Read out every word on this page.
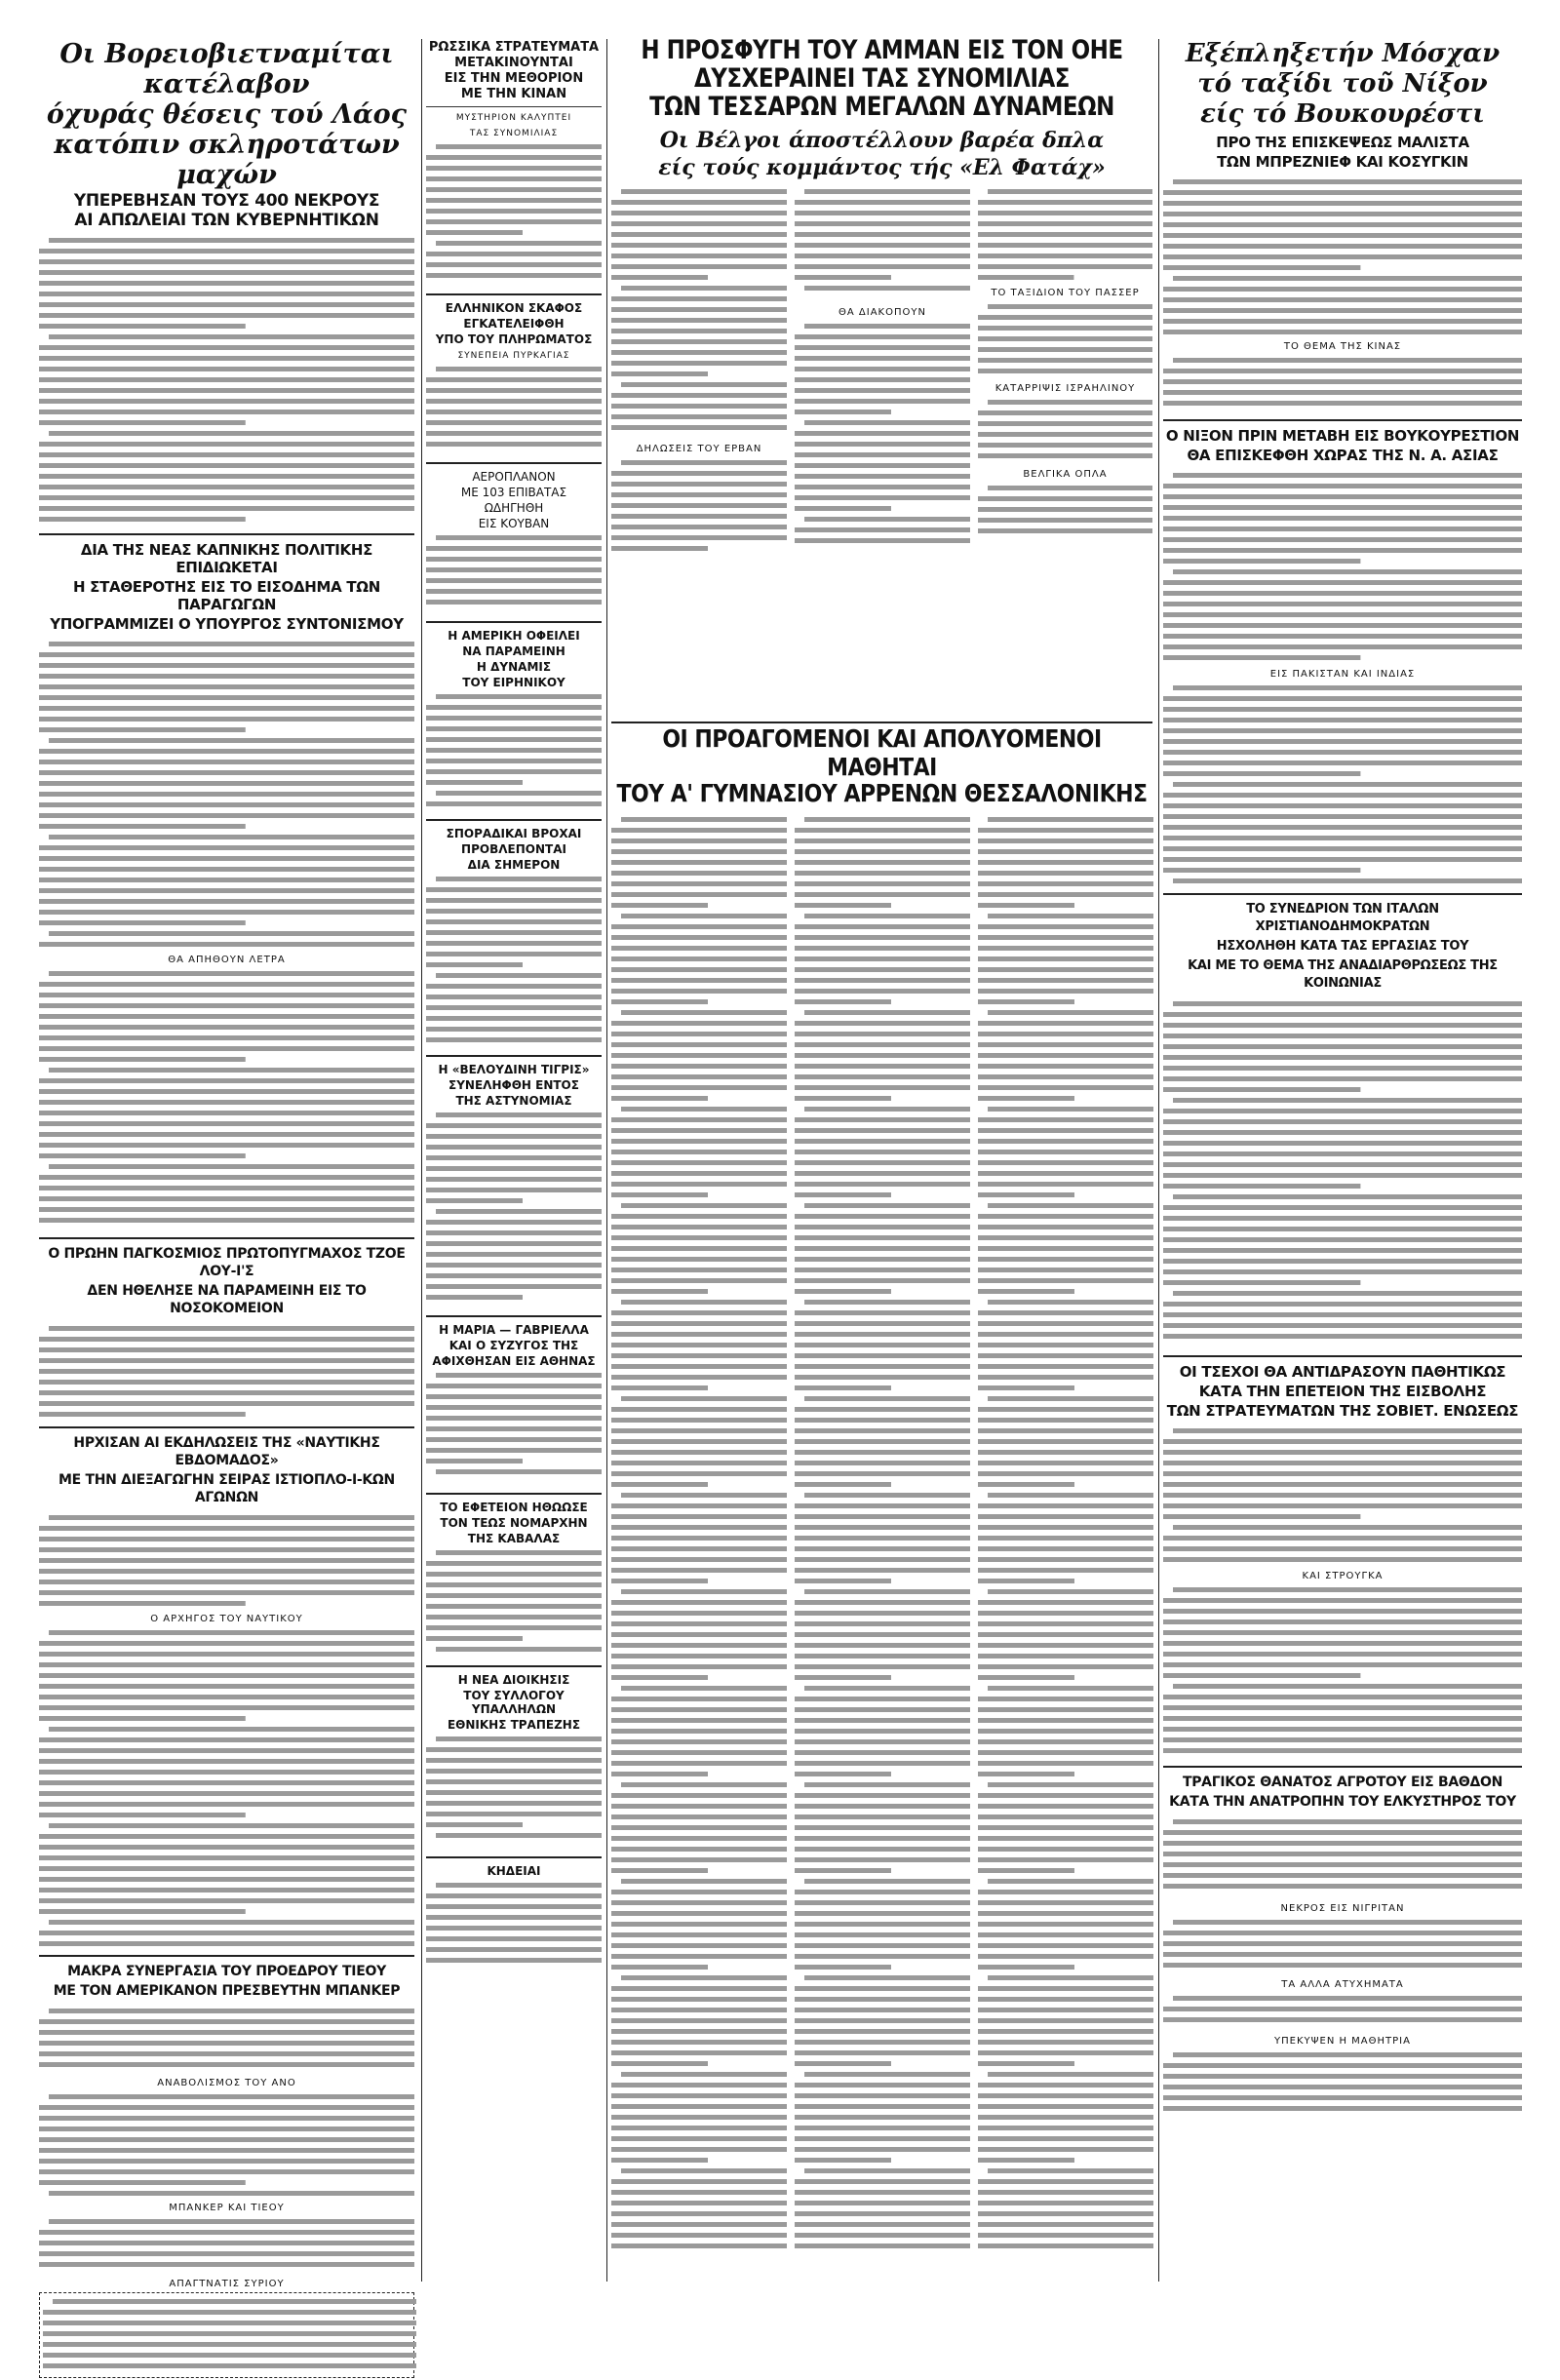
Οι Βορειοβιετναμίται κατέλαβον
όχυράς θέσεις τού Λάος
κατόπιν σκληροτάτων μαχών
ΥΠΕΡΕΒΗΣΑΝ ΤΟΥΣ 400 ΝΕΚΡΟΥΣ
ΑΙ ΑΠΩΛΕΙΑΙ ΤΩΝ ΚΥΒΕΡΝΗΤΙΚΩΝ
ΔΙΑ ΤΗΣ ΝΕΑΣ ΚΑΠΝΙΚΗΣ ΠΟΛΙΤΙΚΗΣ ΕΠΙΔΙΩΚΕΤΑΙ
Η ΣΤΑΘΕΡΟΤΗΣ ΕΙΣ ΤΟ ΕΙΣΟΔΗΜΑ ΤΩΝ ΠΑΡΑΓΩΓΩΝ
ΥΠΟΓΡΑΜΜΙΖΕΙ Ο ΥΠΟΥΡΓΟΣ ΣΥΝΤΟΝΙΣΜΟΥ
ΘΑ ΑΠΗΘΟΥΝ ΛΕΤΡΑ
Ο ΠΡΩΗΝ ΠΑΓΚΟΣΜΙΟΣ ΠΡΩΤΟΠΥΓΜΑΧΟΣ ΤΖΟΕ ΛΟΥ-Ι'Σ
ΔΕΝ ΗΘΕΛΗΣΕ ΝΑ ΠΑΡΑΜΕΙΝΗ ΕΙΣ ΤΟ ΝΟΣΟΚΟΜΕΙΟΝ
ΗΡΧΙΣΑΝ ΑΙ ΕΚΔΗΛΩΣΕΙΣ ΤΗΣ «ΝΑΥΤΙΚΗΣ ΕΒΔΟΜΑΔΟΣ»
ΜΕ ΤΗΝ ΔΙΕΞΑΓΩΓΗΝ ΣΕΙΡΑΣ ΙΣΤΙΟΠΛΟ-Ι-ΚΩΝ ΑΓΩΝΩΝ
Ο ΑΡΧΗΓΟΣ ΤΟΥ ΝΑΥΤΙΚΟΥ
ΜΑΚΡΑ ΣΥΝΕΡΓΑΣΙΑ ΤΟΥ ΠΡΟΕΔΡΟΥ ΤΙΕΟΥ
ΜΕ ΤΟΝ ΑΜΕΡΙΚΑΝΟΝ ΠΡΕΣΒΕΥΤΗΝ ΜΠΑΝΚΕΡ
ΑΝΑΒΟΛΙΣΜΟΣ ΤΟΥ ΑΝΟ
ΜΠΑΝΚΕΡ ΚΑΙ ΤΙΕΟΥ
ΑΠΑΓΤΝΑΤΙΣ ΣΥΡΙΟΥ
ΡΩΣΣΙΚΑ ΣΤΡΑΤΕΥΜΑΤΑ
ΜΕΤΑΚΙΝΟΥΝΤΑΙ
ΕΙΣ ΤΗΝ ΜΕΘΟΡΙΟΝ
ΜΕ ΤΗΝ ΚΙΝΑΝ
ΜΥΣΤΗΡΙΟΝ ΚΑΛΥΠΤΕΙ
ΤΑΣ ΣΥΝΟΜΙΛΙΑΣ
ΕΛΛΗΝΙΚΟΝ ΣΚΑΦΟΣ
ΕΓΚΑΤΕΛΕΙΦΘΗ
ΥΠΟ ΤΟΥ ΠΛΗΡΩΜΑΤΟΣ
ΣΥΝΕΠΕΙΑ ΠΥΡΚΑΓΙΑΣ
ΑΕΡΟΠΛΑΝΟΝ
ΜΕ 103 ΕΠΙΒΑΤΑΣ
ΩΔΗΓΗΘΗ
ΕΙΣ ΚΟΥΒΑΝ
Η ΑΜΕΡΙΚΗ ΟΦΕΙΛΕΙ
ΝΑ ΠΑΡΑΜΕΙΝΗ
Η ΔΥΝΑΜΙΣ
ΤΟΥ ΕΙΡΗΝΙΚΟΥ
ΣΠΟΡΑΔΙΚΑΙ ΒΡΟΧΑΙ
ΠΡΟΒΛΕΠΟΝΤΑΙ
ΔΙΑ ΣΗΜΕΡΟΝ
Η «ΒΕΛΟΥΔΙΝΗ ΤΙΓΡΙΣ»
ΣΥΝΕΛΗΦΘΗ ΕΝΤΟΣ
ΤΗΣ ΑΣΤΥΝΟΜΙΑΣ
Η ΜΑΡΙΑ — ΓΑΒΡΙΕΛΛΑ
ΚΑΙ Ο ΣΥΖΥΓΟΣ ΤΗΣ
ΑΦΙΧΘΗΣΑΝ ΕΙΣ ΑΘΗΝΑΣ
ΤΟ ΕΦΕΤΕΙΟΝ ΗΘΩΩΣΕ
ΤΟΝ ΤΕΩΣ ΝΟΜΑΡΧΗΝ
ΤΗΣ ΚΑΒΑΛΑΣ
Η ΝΕΑ ΔΙΟΙΚΗΣΙΣ
ΤΟΥ ΣΥΛΛΟΓΟΥ ΥΠΑΛΛΗΛΩΝ
ΕΘΝΙΚΗΣ ΤΡΑΠΕΖΗΣ
ΚΗΔΕΙΑΙ
Η ΠΡΟΣΦΥΓΗ ΤΟΥ ΑΜΜΑΝ ΕΙΣ ΤΟΝ ΟΗΕ
ΔΥΣΧΕΡΑΙΝΕΙ ΤΑΣ ΣΥΝΟΜΙΛΙΑΣ
ΤΩΝ ΤΕΣΣΑΡΩΝ ΜΕΓΑΛΩΝ ΔΥΝΑΜΕΩΝ
Οι Βέλγοι άποστέλλουν βαρέα δπλα
είς τούς κομμάντος τής «Ελ Φατάχ»
ΔΗΛΩΣΕΙΣ ΤΟΥ ΕΡΒΑΝ
ΘΑ ΔΙΑΚΟΠΟΥΝ
ΤΟ ΤΑΞΙΔΙΟΝ ΤΟΥ ΠΑΣΣΕΡ
ΚΑΤΑΡΡΙΨΙΣ ΙΣΡΑΗΛΙΝΟΥ
ΒΕΛΓΙΚΑ ΟΠΛΑ
ΟΙ ΠΡΟΑΓΟΜΕΝΟΙ ΚΑΙ ΑΠΟΛΥΟΜΕΝΟΙ ΜΑΘΗΤΑΙ
ΤΟΥ Α' ΓΥΜΝΑΣΙΟΥ ΑΡΡΕΝΩΝ ΘΕΣΣΑΛΟΝΙΚΗΣ
Εξέπληξετήν Μόσχαν
τό ταξίδι τοῦ Νίξον
είς τό Βουκουρέστι
ΠΡΟ ΤΗΣ ΕΠΙΣΚΕΨΕΩΣ ΜΑΛΙΣΤΑ
ΤΩΝ ΜΠΡΕΖΝΙΕΦ ΚΑΙ ΚΟΣΥΓΚΙΝ
ΤΟ ΘΕΜΑ ΤΗΣ ΚΙΝΑΣ
Ο ΝΙΞΟΝ ΠΡΙΝ ΜΕΤΑΒΗ ΕΙΣ ΒΟΥΚΟΥΡΕΣΤΙΟΝ
ΘΑ ΕΠΙΣΚΕΦΘΗ ΧΩΡΑΣ ΤΗΣ Ν. Α. ΑΣΙΑΣ
ΕΙΣ ΠΑΚΙΣΤΑΝ ΚΑΙ ΙΝΔΙΑΣ
ΤΟ ΣΥΝΕΔΡΙΟΝ ΤΩΝ ΙΤΑΛΩΝ ΧΡΙΣΤΙΑΝΟΔΗΜΟΚΡΑΤΩΝ
ΗΣΧΟΛΗΘΗ ΚΑΤΑ ΤΑΣ ΕΡΓΑΣΙΑΣ ΤΟΥ
ΚΑΙ ΜΕ ΤΟ ΘΕΜΑ ΤΗΣ ΑΝΑΔΙΑΡΘΡΩΣΕΩΣ ΤΗΣ ΚΟΙΝΩΝΙΑΣ
ΟΙ ΤΣΕΧΟΙ ΘΑ ΑΝΤΙΔΡΑΣΟΥΝ ΠΑΘΗΤΙΚΩΣ
ΚΑΤΑ ΤΗΝ ΕΠΕΤΕΙΟΝ ΤΗΣ ΕΙΣΒΟΛΗΣ
ΤΩΝ ΣΤΡΑΤΕΥΜΑΤΩΝ ΤΗΣ ΣΟΒΙΕΤ. ΕΝΩΣΕΩΣ
ΚΑΙ ΣΤΡΟΥΓΚΑ
ΤΡΑΓΙΚΟΣ ΘΑΝΑΤΟΣ ΑΓΡΟΤΟΥ ΕΙΣ ΒΑΘΔΟΝ
ΚΑΤΑ ΤΗΝ ΑΝΑΤΡΟΠΗΝ ΤΟΥ ΕΛΚΥΣΤΗΡΟΣ ΤΟΥ
ΝΕΚΡΟΣ ΕΙΣ ΝΙΓΡΙΤΑΝ
ΤΑ ΑΛΛΑ ΑΤΥΧΗΜΑΤΑ
ΥΠΕΚΥΨΕΝ Η ΜΑΘΗΤΡΙΑ
